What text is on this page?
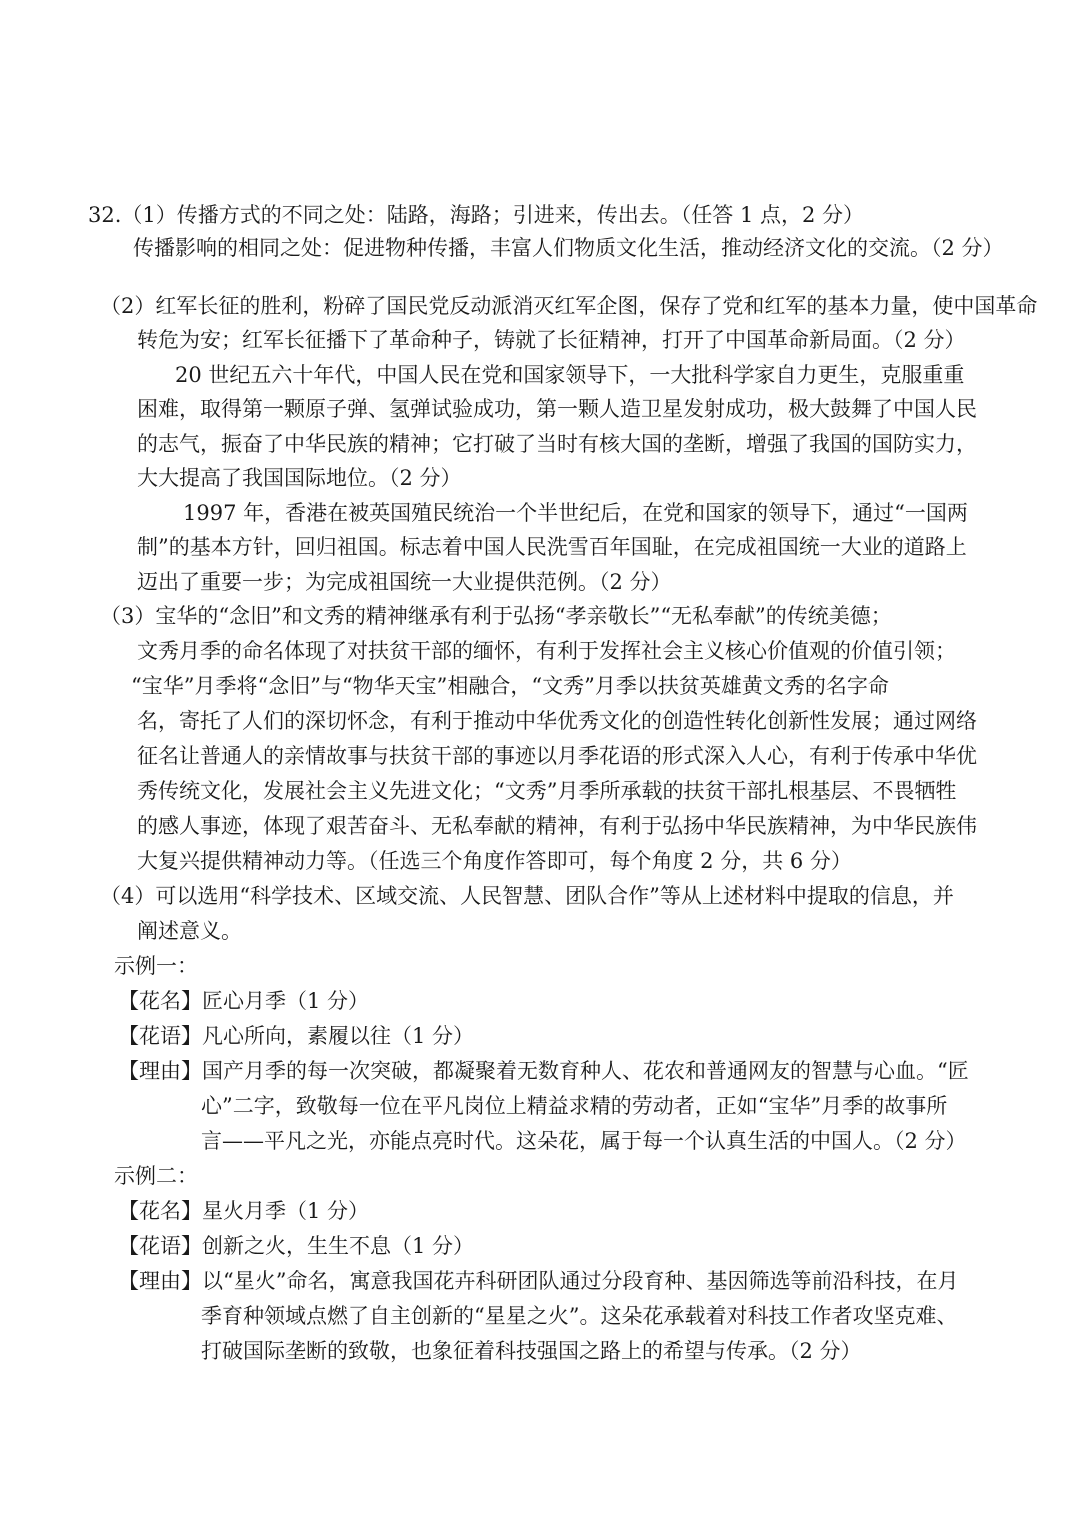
32.（1）传播方式的不同之处：陆路，海路；引进来，传出去。（任答 1 点，2 分）
传播影响的相同之处：促进物种传播，丰富人们物质文化生活，推动经济文化的交流。（2 分）
（2）红军长征的胜利，粉碎了国民党反动派消灭红军企图，保存了党和红军的基本力量，使中国革命
转危为安；红军长征播下了革命种子，铸就了长征精神，打开了中国革命新局面。（2 分）
20 世纪五六十年代，中国人民在党和国家领导下，一大批科学家自力更生，克服重重
困难，取得第一颗原子弹、氢弹试验成功，第一颗人造卫星发射成功，极大鼓舞了中国人民
的志气，振奋了中华民族的精神；它打破了当时有核大国的垄断，增强了我国的国防实力，
大大提高了我国国际地位。（2 分）
1997 年，香港在被英国殖民统治一个半世纪后，在党和国家的领导下，通过“一国两
制”的基本方针，回归祖国。标志着中国人民洗雪百年国耻，在完成祖国统一大业的道路上
迈出了重要一步；为完成祖国统一大业提供范例。（2 分）
（3）宝华的“念旧”和文秀的精神继承有利于弘扬“孝亲敬长”“无私奉献”的传统美德；
文秀月季的命名体现了对扶贫干部的缅怀，有利于发挥社会主义核心价值观的价值引领；
“宝华”月季将“念旧”与“物华天宝”相融合，“文秀”月季以扶贫英雄黄文秀的名字命
名，寄托了人们的深切怀念，有利于推动中华优秀文化的创造性转化创新性发展；通过网络
征名让普通人的亲情故事与扶贫干部的事迹以月季花语的形式深入人心，有利于传承中华优
秀传统文化，发展社会主义先进文化；“文秀”月季所承载的扶贫干部扎根基层、不畏牺牲
的感人事迹，体现了艰苦奋斗、无私奉献的精神，有利于弘扬中华民族精神，为中华民族伟
大复兴提供精神动力等。（任选三个角度作答即可，每个角度 2 分，共 6 分）
（4）可以选用“科学技术、区域交流、人民智慧、团队合作”等从上述材料中提取的信息，并
阐述意义。
示例一：
【花名】匠心月季（1 分）
【花语】凡心所向，素履以往（1 分）
【理由】国产月季的每一次突破，都凝聚着无数育种人、花农和普通网友的智慧与心血。“匠
心”二字，致敬每一位在平凡岗位上精益求精的劳动者，正如“宝华”月季的故事所
言——平凡之光，亦能点亮时代。这朵花，属于每一个认真生活的中国人。（2 分）
示例二：
【花名】星火月季（1 分）
【花语】创新之火，生生不息（1 分）
【理由】以“星火”命名，寓意我国花卉科研团队通过分段育种、基因筛选等前沿科技，在月
季育种领域点燃了自主创新的“星星之火”。这朵花承载着对科技工作者攻坚克难、
打破国际垄断的致敬，也象征着科技强国之路上的希望与传承。（2 分）
